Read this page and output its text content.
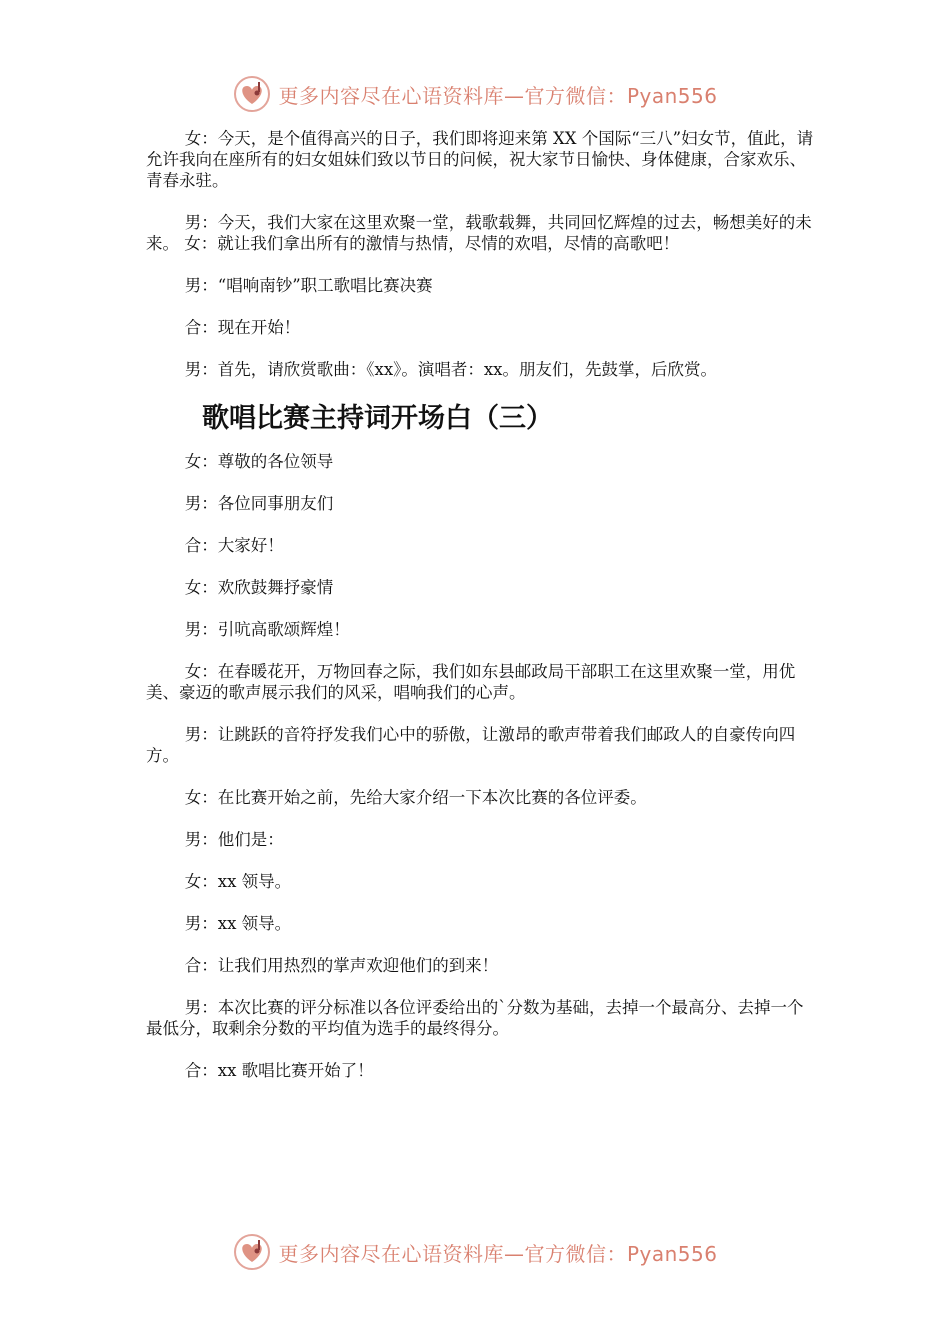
更多内容尽在心语资料库—官方微信：Pyan556

女：今天，是个值得高兴的日子，我们即将迎来第 XX 个国际“三八”妇女节，值此，请允许我向在座所有的妇女姐妹们致以节日的问候，祝大家节日愉快、身体健康，合家欢乐、青春永驻。

男：今天，我们大家在这里欢聚一堂，载歌载舞，共同回忆辉煌的过去，畅想美好的未来。 女：就让我们拿出所有的激情与热情，尽情的欢唱，尽情的高歌吧！

男：“唱响南钞”职工歌唱比赛决赛

合：现在开始！

男：首先，请欣赏歌曲：《xx》。演唱者：xx。朋友们，先鼓掌，后欣赏。

歌唱比赛主持词开场白（三）

女：尊敬的各位领导

男：各位同事朋友们

合：大家好！

女：欢欣鼓舞抒豪情

男：引吭高歌颂辉煌！

女：在春暖花开，万物回春之际，我们如东县邮政局干部职工在这里欢聚一堂，用优美、豪迈的歌声展示我们的风采，唱响我们的心声。

男：让跳跃的音符抒发我们心中的骄傲，让激昂的歌声带着我们邮政人的自豪传向四方。

女：在比赛开始之前，先给大家介绍一下本次比赛的各位评委。

男：他们是：

女：xx 领导。

男：xx 领导。

合：让我们用热烈的掌声欢迎他们的到来！

男：本次比赛的评分标准以各位评委给出的`分数为基础，去掉一个最高分、去掉一个最低分，取剩余分数的平均值为选手的最终得分。

合：xx 歌唱比赛开始了！

更多内容尽在心语资料库—官方微信：Pyan556
